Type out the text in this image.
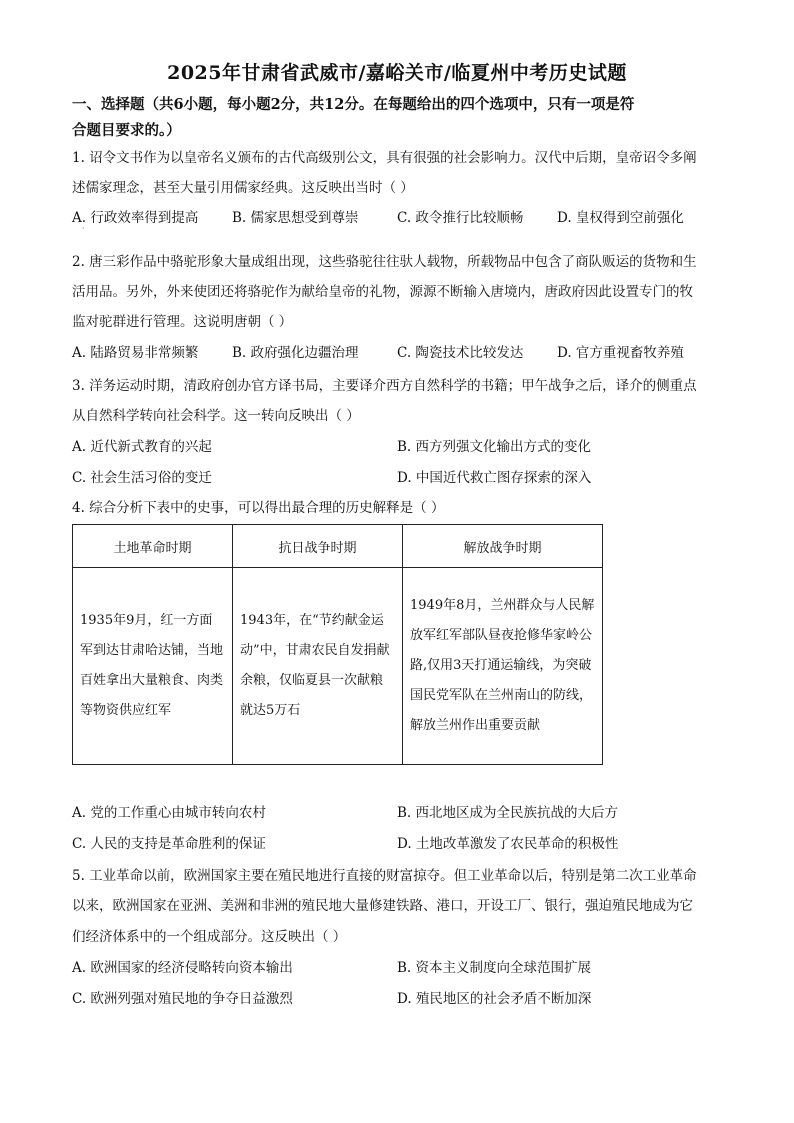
2025年甘肃省武威市/嘉峪关市/临夏州中考历史试题
一、选择题（共6小题，每小题2分，共12分。在每题给出的四个选项中，只有一项是符
合题目要求的。）
1. 诏令文书作为以皇帝名义颁布的古代高级别公文，具有很强的社会影响力。汉代中后期，皇帝诏令多阐
述儒家理念，甚至大量引用儒家经典。这反映出当时（ ）
A. 行政效率得到提高 B. 儒家思想受到尊崇	C. 政令推行比较顺畅 D. 皇权得到空前强化
·
2. 唐三彩作品中骆驼形象大量成组出现，这些骆驼往往驮人载物，所载物品中包含了商队贩运的货物和生
活用品。另外，外来使团还将骆驼作为献给皇帝的礼物，源源不断输入唐境内，唐政府因此设置专门的牧
监对驼群进行管理。这说明唐朝（ ）
A. 陆路贸易非常频繁 B. 政府强化边疆治理	C. 陶瓷技术比较发达 D. 官方重视畜牧养殖
3. 洋务运动时期，清政府创办官方译书局，主要译介西方自然科学的书籍；甲午战争之后，译介的侧重点
从自然科学转向社会科学。这一转向反映出（ ）
A. 近代新式教育的兴起	B. 西方列强文化输出方式的变化
C. 社会生活习俗的变迁	D. 中国近代救亡图存探索的深入
4. 综合分析下表中的史事，可以得出最合理的历史解释是（ ）
土地革命时期	抗日战争时期	解放战争时期
1935年9月，红一方面军到达甘肃哈达铺，当地百姓拿出大量粮食、肉类等物资供应红军	1943年，在“节约献金运动”中，甘肃农民自发捐献余粮，仅临夏县一次献粮就达5万石	1949年8月，兰州群众与人民解放军红军部队昼夜抢修华家岭公路,仅用3天打通运输线，为突破国民党军队在兰州南山的防线，解放兰州作出重要贡献
A. 党的工作重心由城市转向农村	B. 西北地区成为全民族抗战的大后方
C. 人民的支持是革命胜利的保证	D. 土地改革激发了农民革命的积极性
5. 工业革命以前，欧洲国家主要在殖民地进行直接的财富掠夺。但工业革命以后，特别是第二次工业革命
以来，欧洲国家在亚洲、美洲和非洲的殖民地大量修建铁路、港口，开设工厂、银行，强迫殖民地成为它
们经济体系中的一个组成部分。这反映出（ ）
A. 欧洲国家的经济侵略转向资本输出	B. 资本主义制度向全球范围扩展
C. 欧洲列强对殖民地的争夺日益激烈	D. 殖民地区的社会矛盾不断加深
